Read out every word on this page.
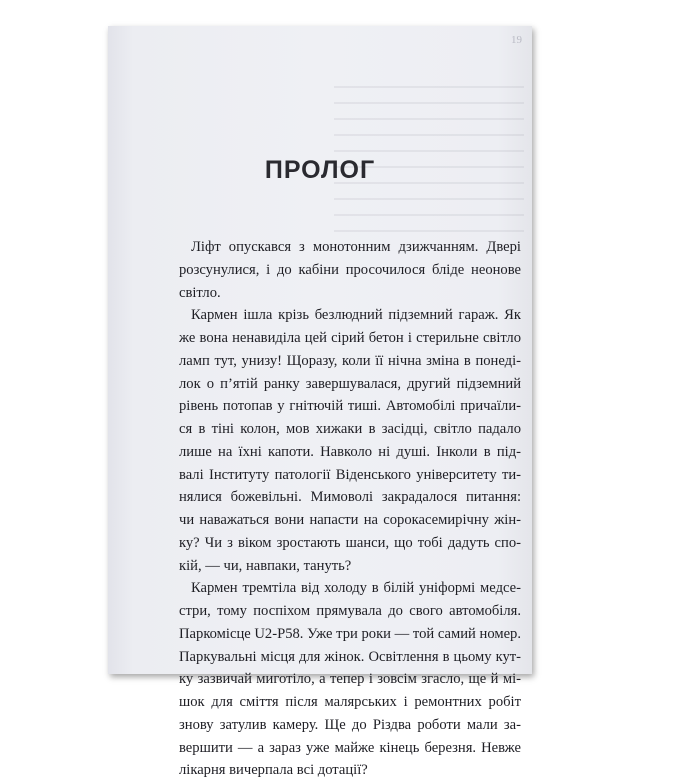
19
ПРОЛОГ

Ліфт опускався з монотонним дзижчанням. Двері
розсунулися, і до кабіни просочилося бліде неонове
світло.

Кармен ішла крізь безлюдний підземний гараж. Як
же вона ненавиділа цей сірий бетон і стерильне світло
ламп тут, унизу! Щоразу, коли її нічна зміна в понеді-
лок о п’ятій ранку завершувалася, другий підземний
рівень потопав у гнітючій тиші. Автомобілі причаїли-
ся в тіні колон, мов хижаки в засідці, світло падало
лише на їхні капоти. Навколо ні душі. Інколи в під-
валі Інституту патології Віденського університету ти-
нялися божевільні. Мимоволі закрадалося питання:
чи наважаться вони напасти на сорокасемирічну жін-
ку? Чи з віком зростають шанси, що тобі дадуть спо-
кій, — чи, навпаки, тануть?

Кармен тремтіла від холоду в білій уніформі медсе-
стри, тому поспіхом прямувала до свого автомобіля.
Паркомісце U2-P58. Уже три роки — той самий номер.
Паркувальні місця для жінок. Освітлення в цьому кут-
ку зазвичай миготіло, а тепер і зовсім згасло, ще й мі-
шок для сміття після малярських і ремонтних робіт
знову затулив камеру. Ще до Різдва роботи мали за-
вершити — а зараз уже майже кінець березня. Невже
лікарня вичерпала всі дотації?
